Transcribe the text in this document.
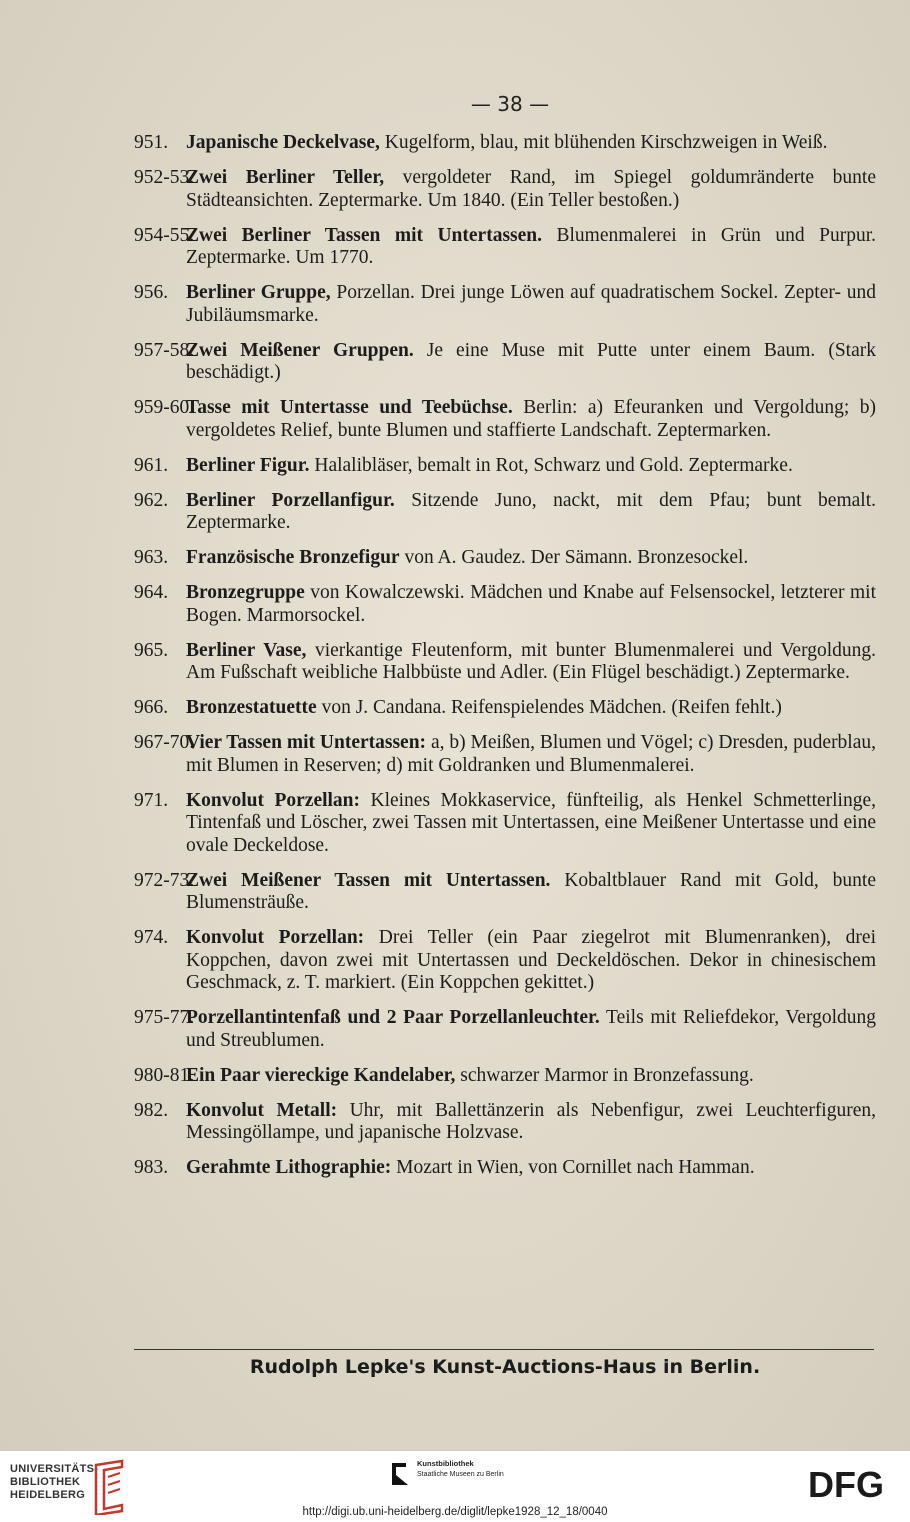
— 38 —
951. Japanische Deckelvase, Kugelform, blau, mit blühenden Kirschzweigen in Weiß.
952-53.
Zwei Berliner Teller, vergoldeter Rand, im Spiegel goldumränderte bunte Städteansichten. Zeptermarke. Um 1840. (Ein Teller bestoßen.)
954-55.
Zwei Berliner Tassen mit Untertassen. Blumenmalerei in Grün und Purpur. Zeptermarke. Um 1770.
956. Berliner Gruppe, Porzellan. Drei junge Löwen auf quadratischem Sockel. Zepter- und Jubiläumsmarke.
957-58.
Zwei Meißener Gruppen. Je eine Muse mit Putte unter einem Baum. (Stark beschädigt.)
959-60.
Tasse mit Untertasse und Teebüchse. Berlin: a) Efeuranken und Vergoldung; b) vergoldetes Relief, bunte Blumen und staffierte Landschaft. Zeptermarken.
961. Berliner Figur. Halalibläser, bemalt in Rot, Schwarz und Gold. Zeptermarke.
962. Berliner Porzellanfigur. Sitzende Juno, nackt, mit dem Pfau; bunt bemalt. Zeptermarke.
963. Französische Bronzefigur von A. Gaudez. Der Sämann. Bronzesockel.
964. Bronzegruppe von Kowalczewski. Mädchen und Knabe auf Felsensockel, letzterer mit Bogen. Marmorsockel.
965. Berliner Vase, vierkantige Fleutenform, mit bunter Blumenmalerei und Vergoldung. Am Fußschaft weibliche Halbbüste und Adler. (Ein Flügel beschädigt.) Zeptermarke.
966. Bronzestatuette von J. Candana. Reifenspielendes Mädchen. (Reifen fehlt.)
967-70.
Vier Tassen mit Untertassen: a, b) Meißen, Blumen und Vögel; c) Dresden, puderblau, mit Blumen in Reserven; d) mit Goldranken und Blumenmalerei.
971. Konvolut Porzellan: Kleines Mokkaservice, fünfteilig, als Henkel Schmetterlinge, Tintenfaß und Löscher, zwei Tassen mit Untertassen, eine Meißener Untertasse und eine ovale Deckeldose.
972-73.
Zwei Meißener Tassen mit Untertassen. Kobaltblauer Rand mit Gold, bunte Blumensträuße.
974. Konvolut Porzellan: Drei Teller (ein Paar ziegelrot mit Blumenranken), drei Koppchen, davon zwei mit Untertassen und Deckeldöschen. Dekor in chinesischem Geschmack, z. T. markiert. (Ein Koppchen gekittet.)
975-77.
Porzellantintenfaß und 2 Paar Porzellanleuchter. Teils mit Reliefdekor, Vergoldung und Streublumen.
980-81.
Ein Paar viereckige Kandelaber, schwarzer Marmor in Bronzefassung.
982. Konvolut Metall: Uhr, mit Ballettänzerin als Nebenfigur, zwei Leuchterfiguren, Messingöllampe, und japanische Holzvase.
983. Gerahmte Lithographie: Mozart in Wien, von Cornillet nach Hamman.
Rudolph Lepke's Kunst-Auctions-Haus in Berlin.
UNIVERSITÄTS-
BIBLIOTHEK
HEIDELBERG
Kunstbibliothek
Staatliche Museen zu Berlin	DFG
http://digi.ub.uni-heidelberg.de/diglit/lepke1928_12_18/0040
